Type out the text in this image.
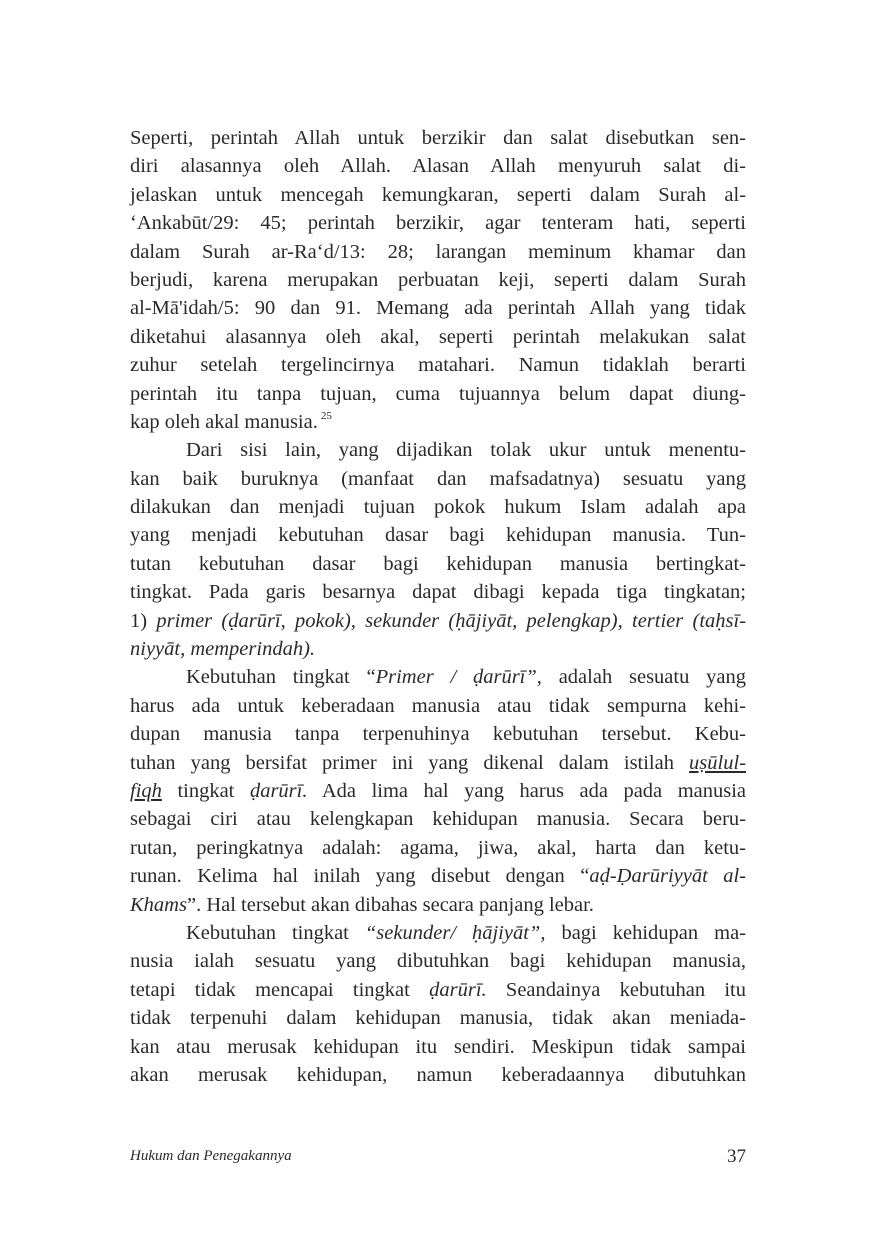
Seperti, perintah Allah untuk berzikir dan salat disebutkan sen-
diri alasannya oleh Allah. Alasan Allah menyuruh salat di-
jelaskan untuk mencegah kemungkaran, seperti dalam Surah al-
‘Ankabūt/29: 45; perintah berzikir, agar tenteram hati, seperti
dalam Surah ar-Ra‘d/13: 28; larangan meminum khamar dan
berjudi, karena merupakan perbuatan keji, seperti dalam Surah
al-Mā'idah/5: 90 dan 91. Memang ada perintah Allah yang tidak
diketahui alasannya oleh akal, seperti perintah melakukan salat
zuhur setelah tergelincirnya matahari. Namun tidaklah berarti
perintah itu tanpa tujuan, cuma tujuannya belum dapat diung-
kap oleh akal manusia. $^{25}$
Dari sisi lain, yang dijadikan tolak ukur untuk menentu-
kan baik buruknya (manfaat dan mafsadatnya) sesuatu yang
dilakukan dan menjadi tujuan pokok hukum Islam adalah apa
yang menjadi kebutuhan dasar bagi kehidupan manusia. Tun-
tutan kebutuhan dasar bagi kehidupan manusia bertingkat-
tingkat. Pada garis besarnya dapat dibagi kepada tiga tingkatan;
1) primer (ḍarūrī, pokok), sekunder (ḥājiyāt, pelengkap), tertier (taḥsī-
niyyāt, memperindah).
Kebutuhan tingkat “Primer / ḍarūrī”, adalah sesuatu yang
harus ada untuk keberadaan manusia atau tidak sempurna kehi-
dupan manusia tanpa terpenuhinya kebutuhan tersebut. Kebu-
tuhan yang bersifat primer ini yang dikenal dalam istilah uṣūlul-
fiqh tingkat ḍarūrī. Ada lima hal yang harus ada pada manusia
sebagai ciri atau kelengkapan kehidupan manusia. Secara beru-
rutan, peringkatnya adalah: agama, jiwa, akal, harta dan ketu-
runan. Kelima hal inilah yang disebut dengan “aḍ-Ḍarūriyyāt al-
Khams”. Hal tersebut akan dibahas secara panjang lebar.
Kebutuhan tingkat “sekunder/ ḥājiyāt”, bagi kehidupan ma-
nusia ialah sesuatu yang dibutuhkan bagi kehidupan manusia,
tetapi tidak mencapai tingkat ḍarūrī. Seandainya kebutuhan itu
tidak terpenuhi dalam kehidupan manusia, tidak akan meniada-
kan atau merusak kehidupan itu sendiri. Meskipun tidak sampai
akan merusak kehidupan, namun keberadaannya dibutuhkan
Hukum dan Penegakannya	37
